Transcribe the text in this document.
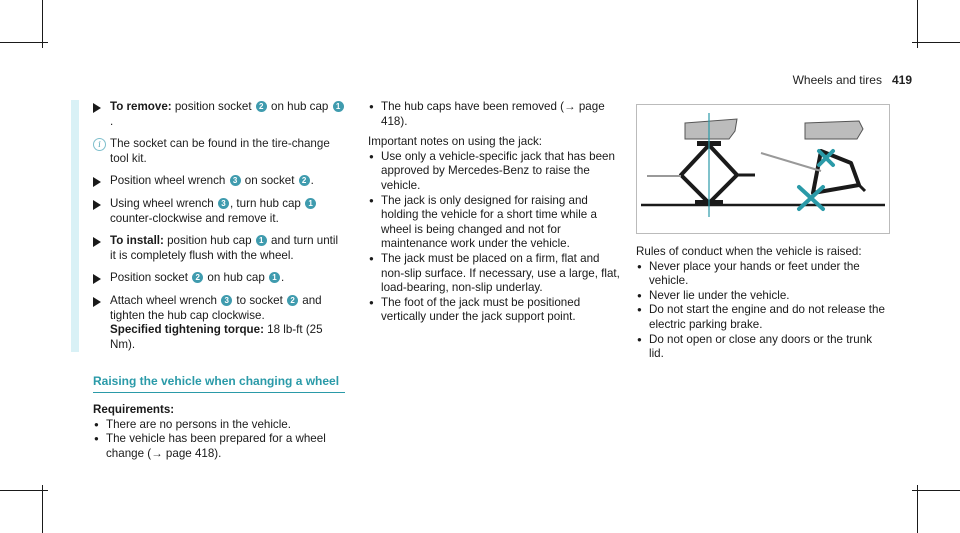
Wheels and tires 419
To remove: position socket 2 on hub cap 1.
i The socket can be found in the tire-change tool kit.
Position wheel wrench 3 on socket 2 .
Using wheel wrench 3 , turn hub cap 1 counter-clockwise and remove it.
To install: position hub cap 1 and turn until it is completely flush with the wheel.
Position socket 2 on hub cap 1 .
Attach wheel wrench 3 to socket 2 and tighten the hub cap clockwise.
Specified tightening torque: 18 lb-ft (25 Nm).
Raising the vehicle when changing a wheel
Requirements:
● There are no persons in the vehicle.
● The vehicle has been prepared for a wheel change (→ page 418).
● The hub caps have been removed (→ page 418).
Important notes on using the jack:
● Use only a vehicle-specific jack that has been approved by Mercedes-Benz to raise the vehicle.
● The jack is only designed for raising and holding the vehicle for a short time while a wheel is being changed and not for maintenance work under the vehicle.
● The jack must be placed on a firm, flat and non-slip surface. If necessary, use a large, flat, load-bearing, non-slip underlay.
● The foot of the jack must be positioned vertically under the jack support point.
Rules of conduct when the vehicle is raised:
● Never place your hands or feet under the vehicle.
● Never lie under the vehicle.
● Do not start the engine and do not release the electric parking brake.
● Do not open or close any doors or the trunk lid.
